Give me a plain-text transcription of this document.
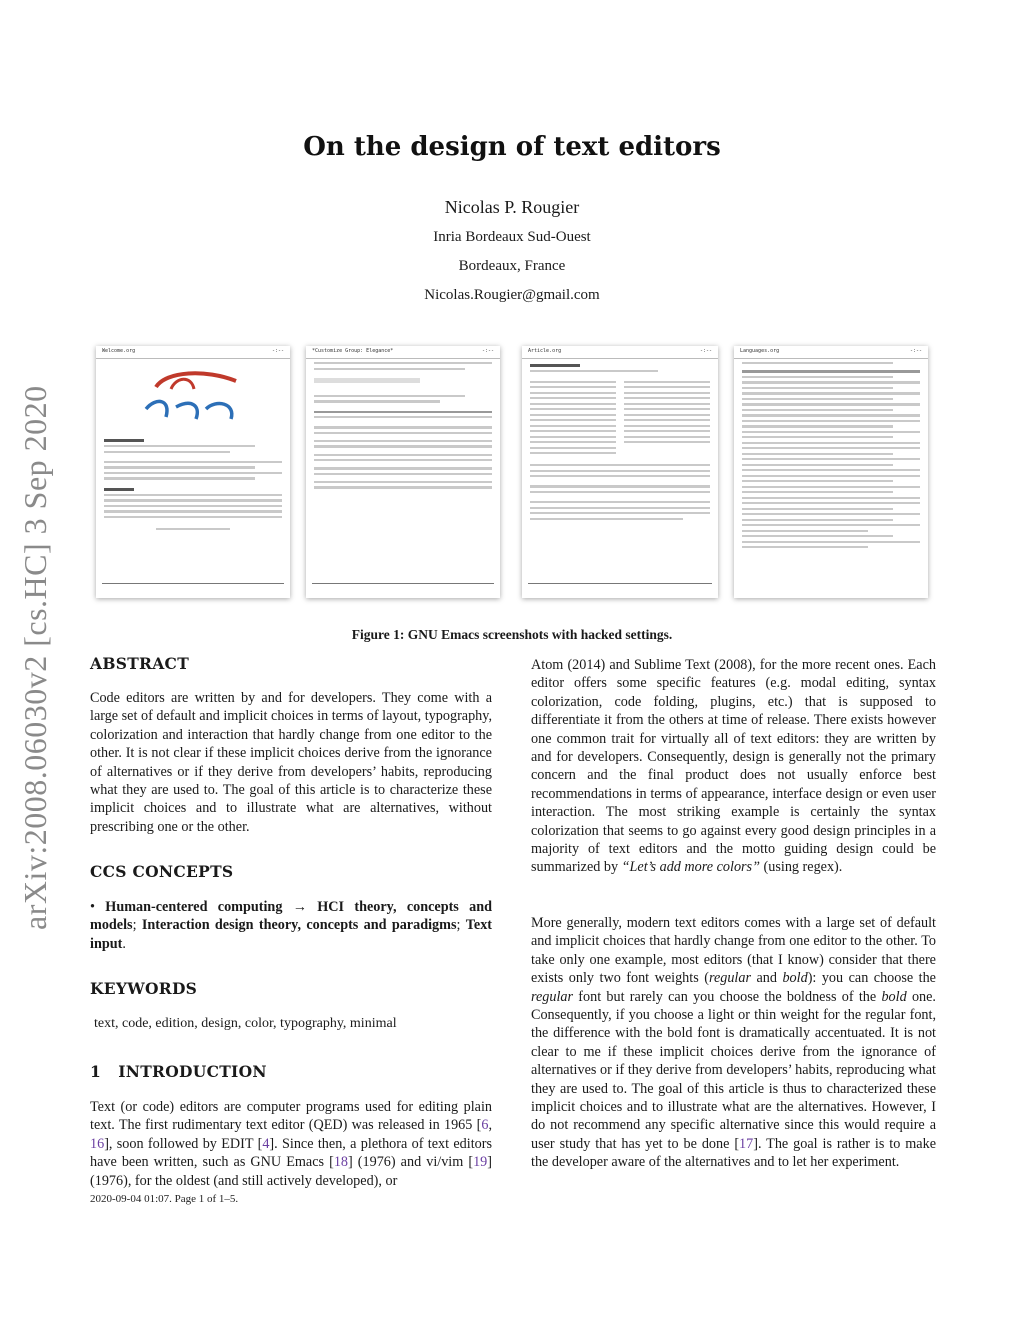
arXiv:2008.06030v2 [cs.HC] 3 Sep 2020
On the design of text editors
Nicolas P. Rougier
Inria Bordeaux Sud-Ouest
Bordeaux, France
Nicolas.Rougier@gmail.com
Welcome.org	-:--	*Customize Group: Elegance*	-:--	Article.org	-:--	Languages.org	-:--
Figure 1: GNU Emacs screenshots with hacked settings.
ABSTRACT
Code editors are written by and for developers. They come with a large set of default and implicit choices in terms of layout, typography, colorization and interaction that hardly change from one editor to the other. It is not clear if these implicit choices derive from the ignorance of alternatives or if they derive from developers’ habits, reproducing what they are used to. The goal of this article is to characterize these implicit choices and to illustrate what are alternatives, without prescribing one or the other.
CCS CONCEPTS
• Human-centered computing → HCI theory, concepts and models; Interaction design theory, concepts and paradigms; Text input.
KEYWORDS
text, code, edition, design, color, typography, minimal
1 INTRODUCTION
Text (or code) editors are computer programs used for editing plain text. The first rudimentary text editor (QED) was released in 1965 [6, 16], soon followed by EDIT [4]. Since then, a plethora of text editors have been written, such as GNU Emacs [18] (1976) and vi/vim [19] (1976), for the oldest (and still actively developed), or
2020-09-04 01:07. Page 1 of 1–5.
Atom (2014) and Sublime Text (2008), for the more recent ones. Each editor offers some specific features (e.g. modal editing, syntax colorization, code folding, plugins, etc.) that is supposed to differentiate it from the others at time of release. There exists however one common trait for virtually all of text editors: they are written by and for developers. Consequently, design is generally not the primary concern and the final product does not usually enforce best recommendations in terms of appearance, interface design or even user interaction. The most striking example is certainly the syntax colorization that seems to go against every good design principles in a majority of text editors and the motto guiding design could be summarized by “Let’s add more colors” (using regex).
More generally, modern text editors comes with a large set of default and implicit choices that hardly change from one editor to the other. To take only one example, most editors (that I know) consider that there exists only two font weights (regular and bold): you can choose the regular font but rarely can you choose the boldness of the bold one. Consequently, if you choose a light or thin weight for the regular font, the difference with the bold font is dramatically accentuated. It is not clear to me if these implicit choices derive from the ignorance of alternatives or if they derive from developers’ habits, reproducing what they are used to. The goal of this article is thus to characterized these implicit choices and to illustrate what are the alternatives. However, I do not recommend any specific alternative since this would require a user study that has yet to be done [17]. The goal is rather is to make the developer aware of the alternatives and to let her experiment.
